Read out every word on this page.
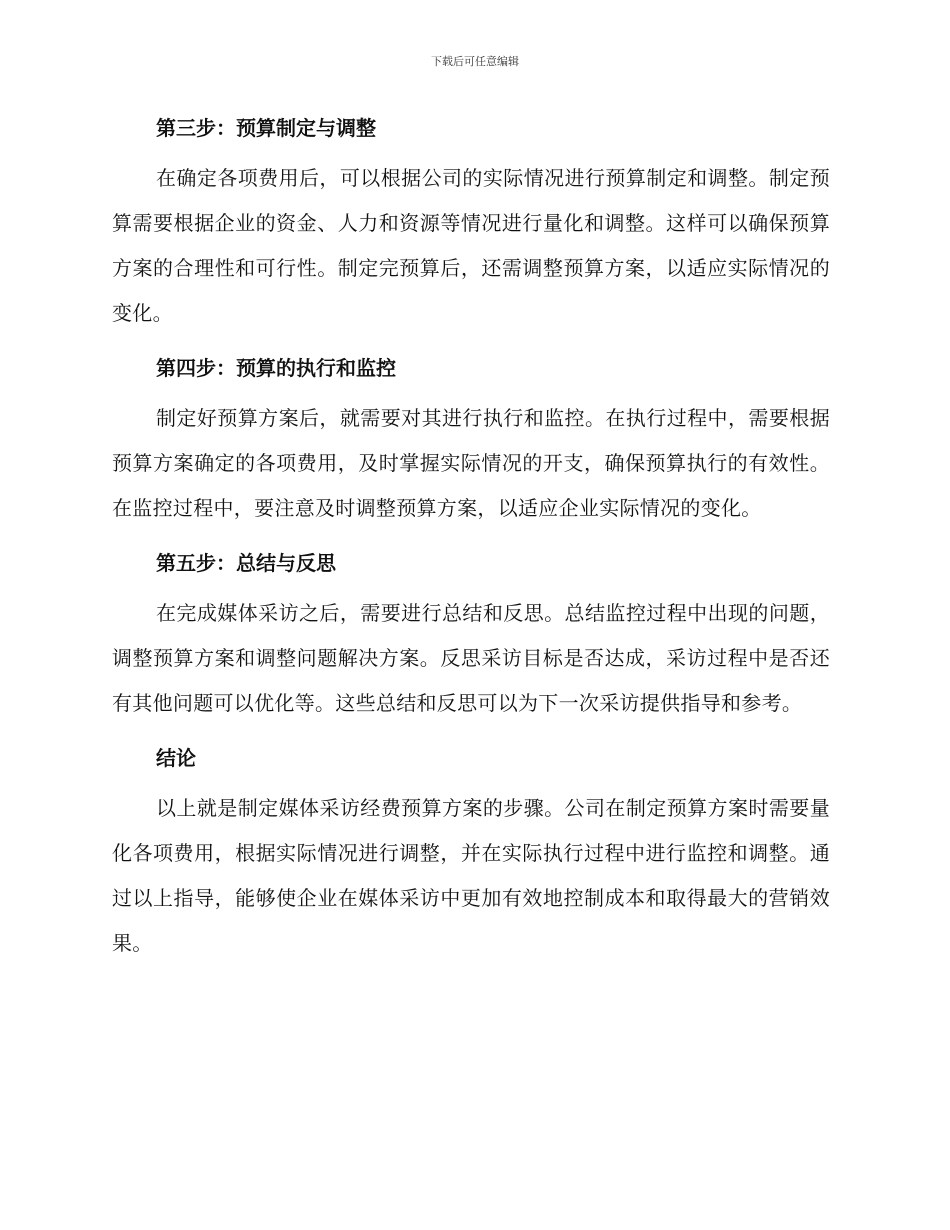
下载后可任意编辑
第三步：预算制定与调整

在确定各项费用后，可以根据公司的实际情况进行预算制定和调整。制定预算需要根据企业的资金、人力和资源等情况进行量化和调整。这样可以确保预算方案的合理性和可行性。制定完预算后，还需调整预算方案，以适应实际情况的变化。

第四步：预算的执行和监控

制定好预算方案后，就需要对其进行执行和监控。在执行过程中，需要根据预算方案确定的各项费用，及时掌握实际情况的开支，确保预算执行的有效性。在监控过程中，要注意及时调整预算方案，以适应企业实际情况的变化。

第五步：总结与反思

在完成媒体采访之后，需要进行总结和反思。总结监控过程中出现的问题，调整预算方案和调整问题解决方案。反思采访目标是否达成，采访过程中是否还有其他问题可以优化等。这些总结和反思可以为下一次采访提供指导和参考。

结论

以上就是制定媒体采访经费预算方案的步骤。公司在制定预算方案时需要量化各项费用，根据实际情况进行调整，并在实际执行过程中进行监控和调整。通过以上指导，能够使企业在媒体采访中更加有效地控制成本和取得最大的营销效果。
